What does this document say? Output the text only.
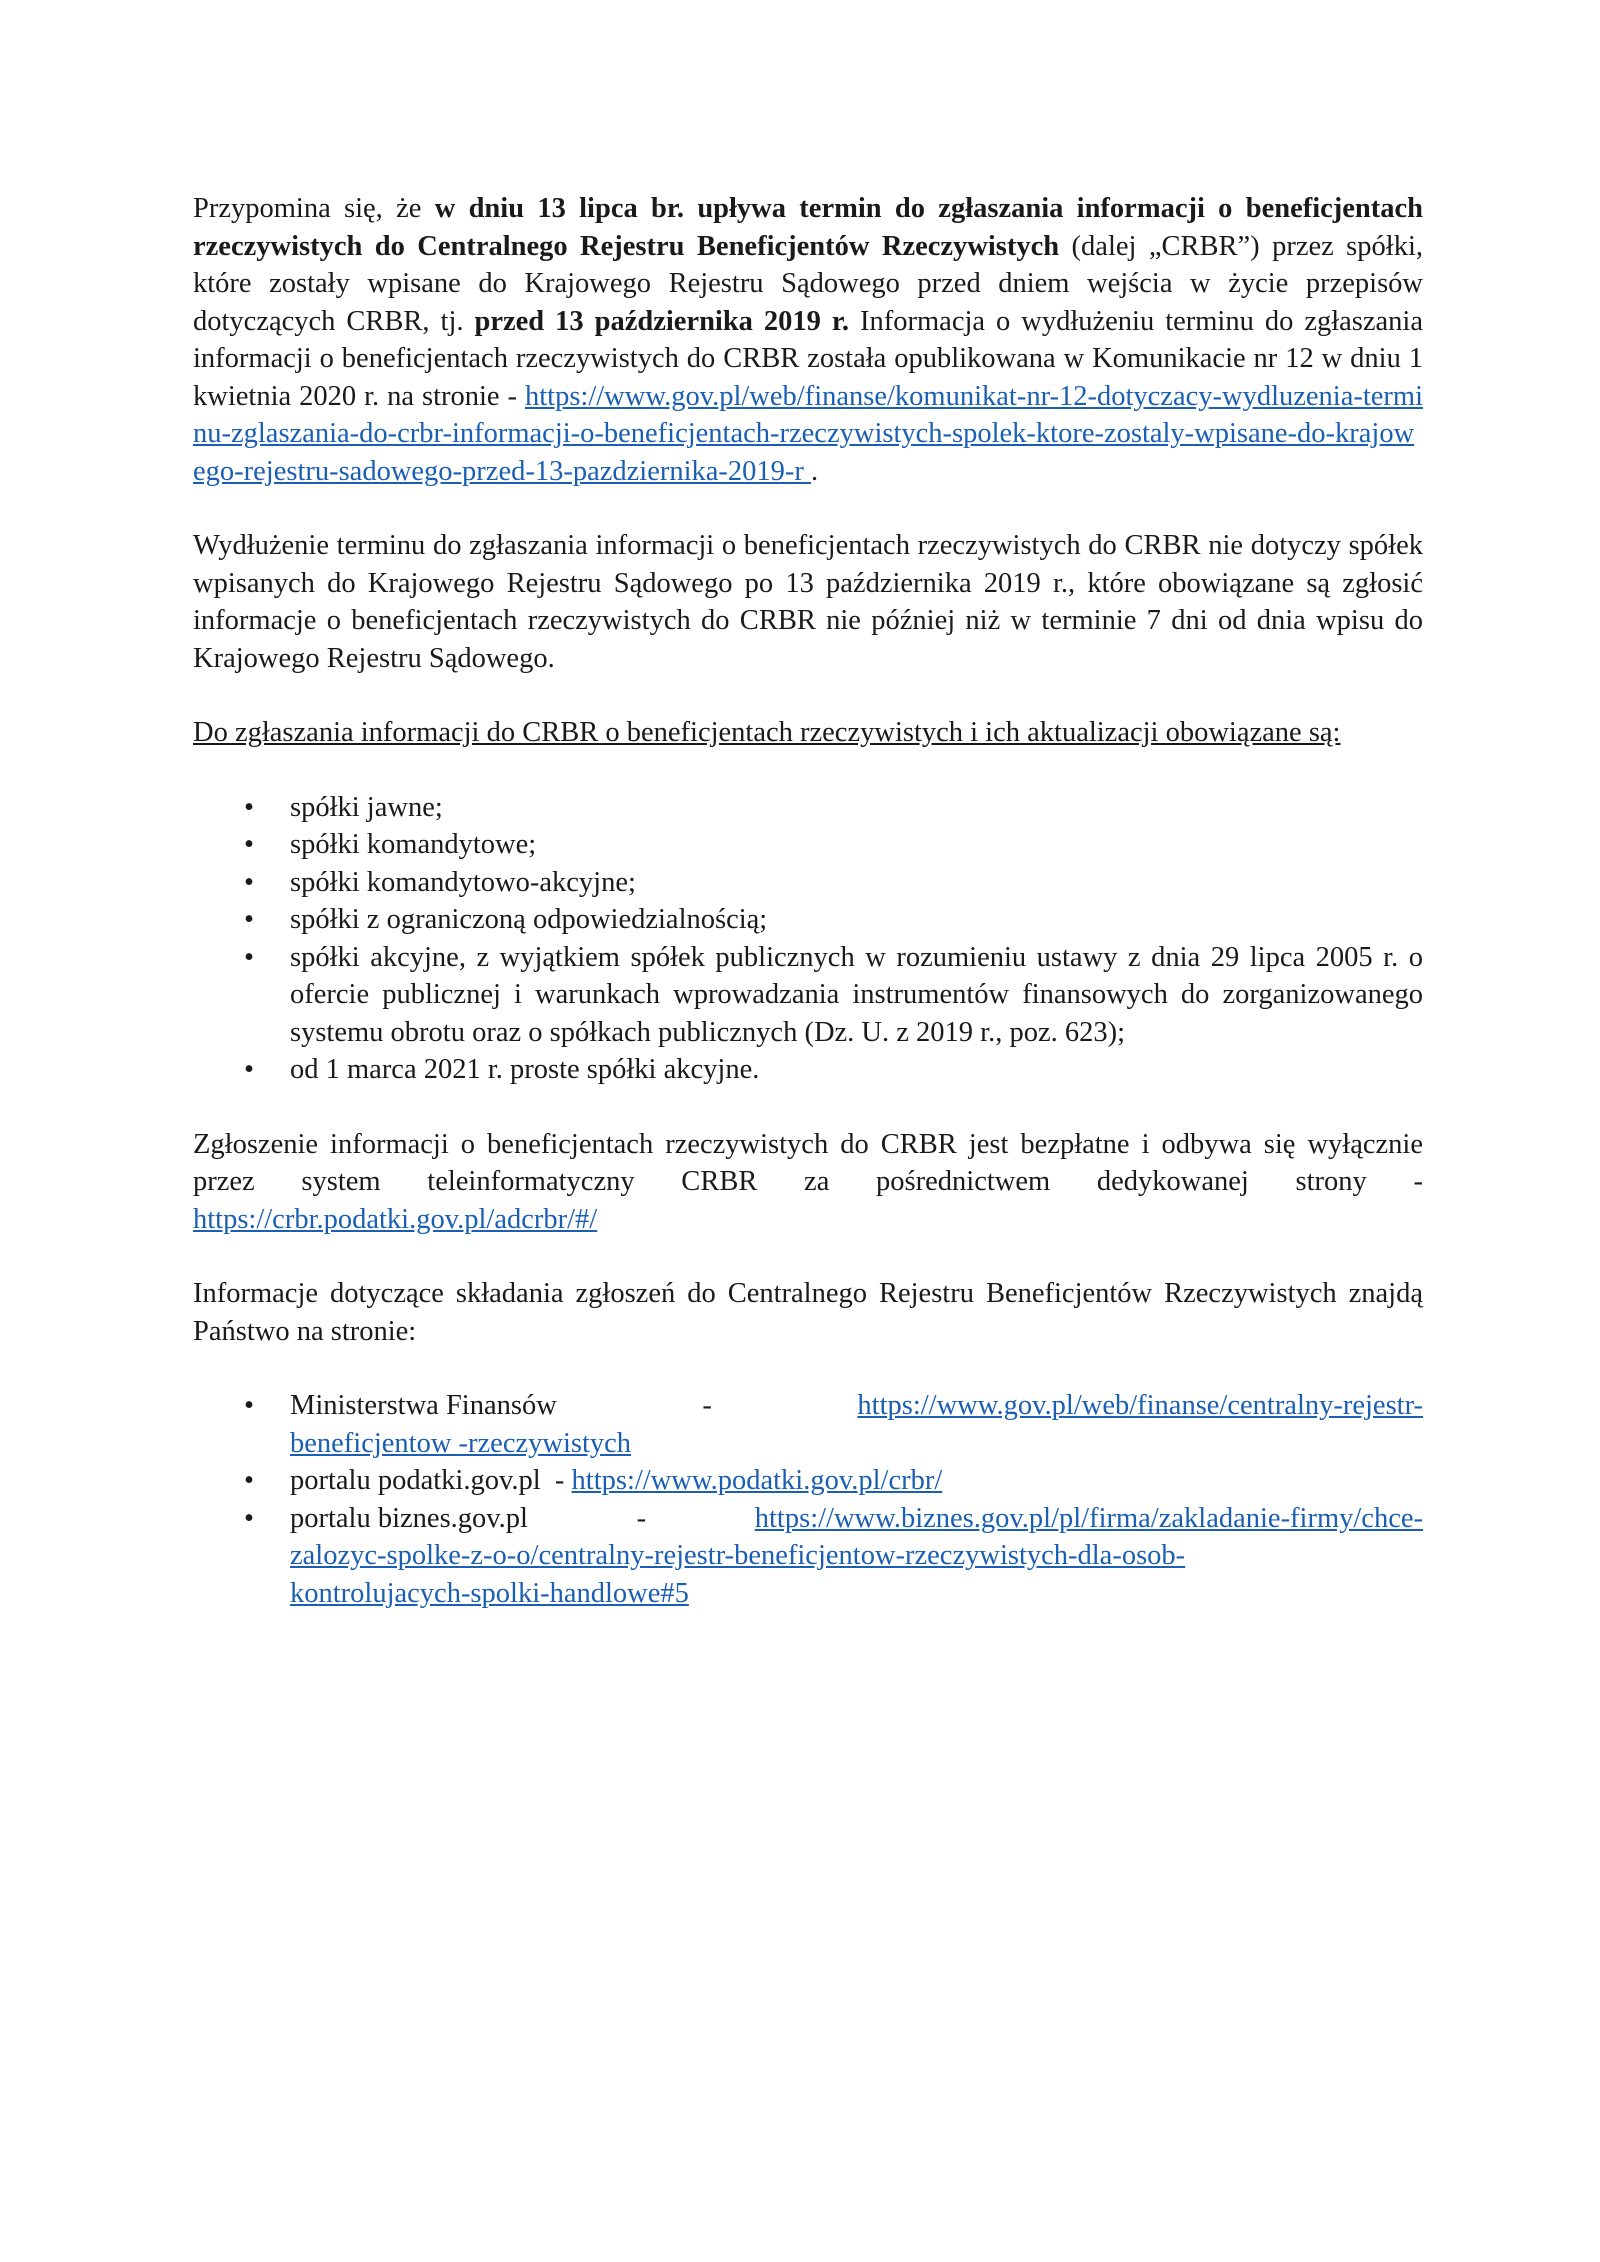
Przypomina się, że w dniu 13 lipca br. upływa termin do zgłaszania informacji o beneficjentach rzeczywistych do Centralnego Rejestru Beneficjentów Rzeczywistych (dalej „CRBR”) przez spółki, które zostały wpisane do Krajowego Rejestru Sądowego przed dniem wejścia w życie przepisów dotyczących CRBR, tj. przed 13 października 2019 r. Informacja o wydłużeniu terminu do zgłaszania informacji o beneficjentach rzeczywistych do CRBR została opublikowana w Komunikacie nr 12 w dniu 1 kwietnia 2020 r. na stronie - https://www.gov.pl/web/finanse/komunikat-nr-12-dotyczacy-wydluzenia-terminu-zglaszania-do-crbr-informacji-o-beneficjentach-rzeczywistych-spolek-ktore-zostaly-wpisane-do-krajowego-rejestru-sadowego-przed-13-pazdziernika-2019-r .

Wydłużenie terminu do zgłaszania informacji o beneficjentach rzeczywistych do CRBR nie dotyczy spółek wpisanych do Krajowego Rejestru Sądowego po 13 października 2019 r., które obowiązane są zgłosić informacje o beneficjentach rzeczywistych do CRBR nie później niż w terminie 7 dni od dnia wpisu do Krajowego Rejestru Sądowego.

Do zgłaszania informacji do CRBR o beneficjentach rzeczywistych i ich aktualizacji obowiązane są:

• spółki jawne;
• spółki komandytowe;
• spółki komandytowo-akcyjne;
• spółki z ograniczoną odpowiedzialnością;
• spółki akcyjne, z wyjątkiem spółek publicznych w rozumieniu ustawy z dnia 29 lipca 2005 r. o ofercie publicznej i warunkach wprowadzania instrumentów finansowych do zorganizowanego systemu obrotu oraz o spółkach publicznych (Dz. U. z 2019 r., poz. 623);
• od 1 marca 2021 r. proste spółki akcyjne.

Zgłoszenie informacji o beneficjentach rzeczywistych do CRBR jest bezpłatne i odbywa się wyłącznie przez system teleinformatyczny CRBR za pośrednictwem dedykowanej strony - https://crbr.podatki.gov.pl/adcrbr/#/

Informacje dotyczące składania zgłoszeń do Centralnego Rejestru Beneficjentów Rzeczywistych znajdą Państwo na stronie:

• Ministerstwa Finansów	-	https://www.gov.pl/web/finanse/centralny-rejestr-
beneficjentow -rzeczywistych
• portalu podatki.gov.pl - https://www.podatki.gov.pl/crbr/
• portalu biznes.gov.pl	-	https://www.biznes.gov.pl/pl/firma/zakladanie-firmy/chce-
zalozyc-spolke-z-o-o/centralny-rejestr-beneficjentow-rzeczywistych-dla-osob-
kontrolujacych-spolki-handlowe#5
